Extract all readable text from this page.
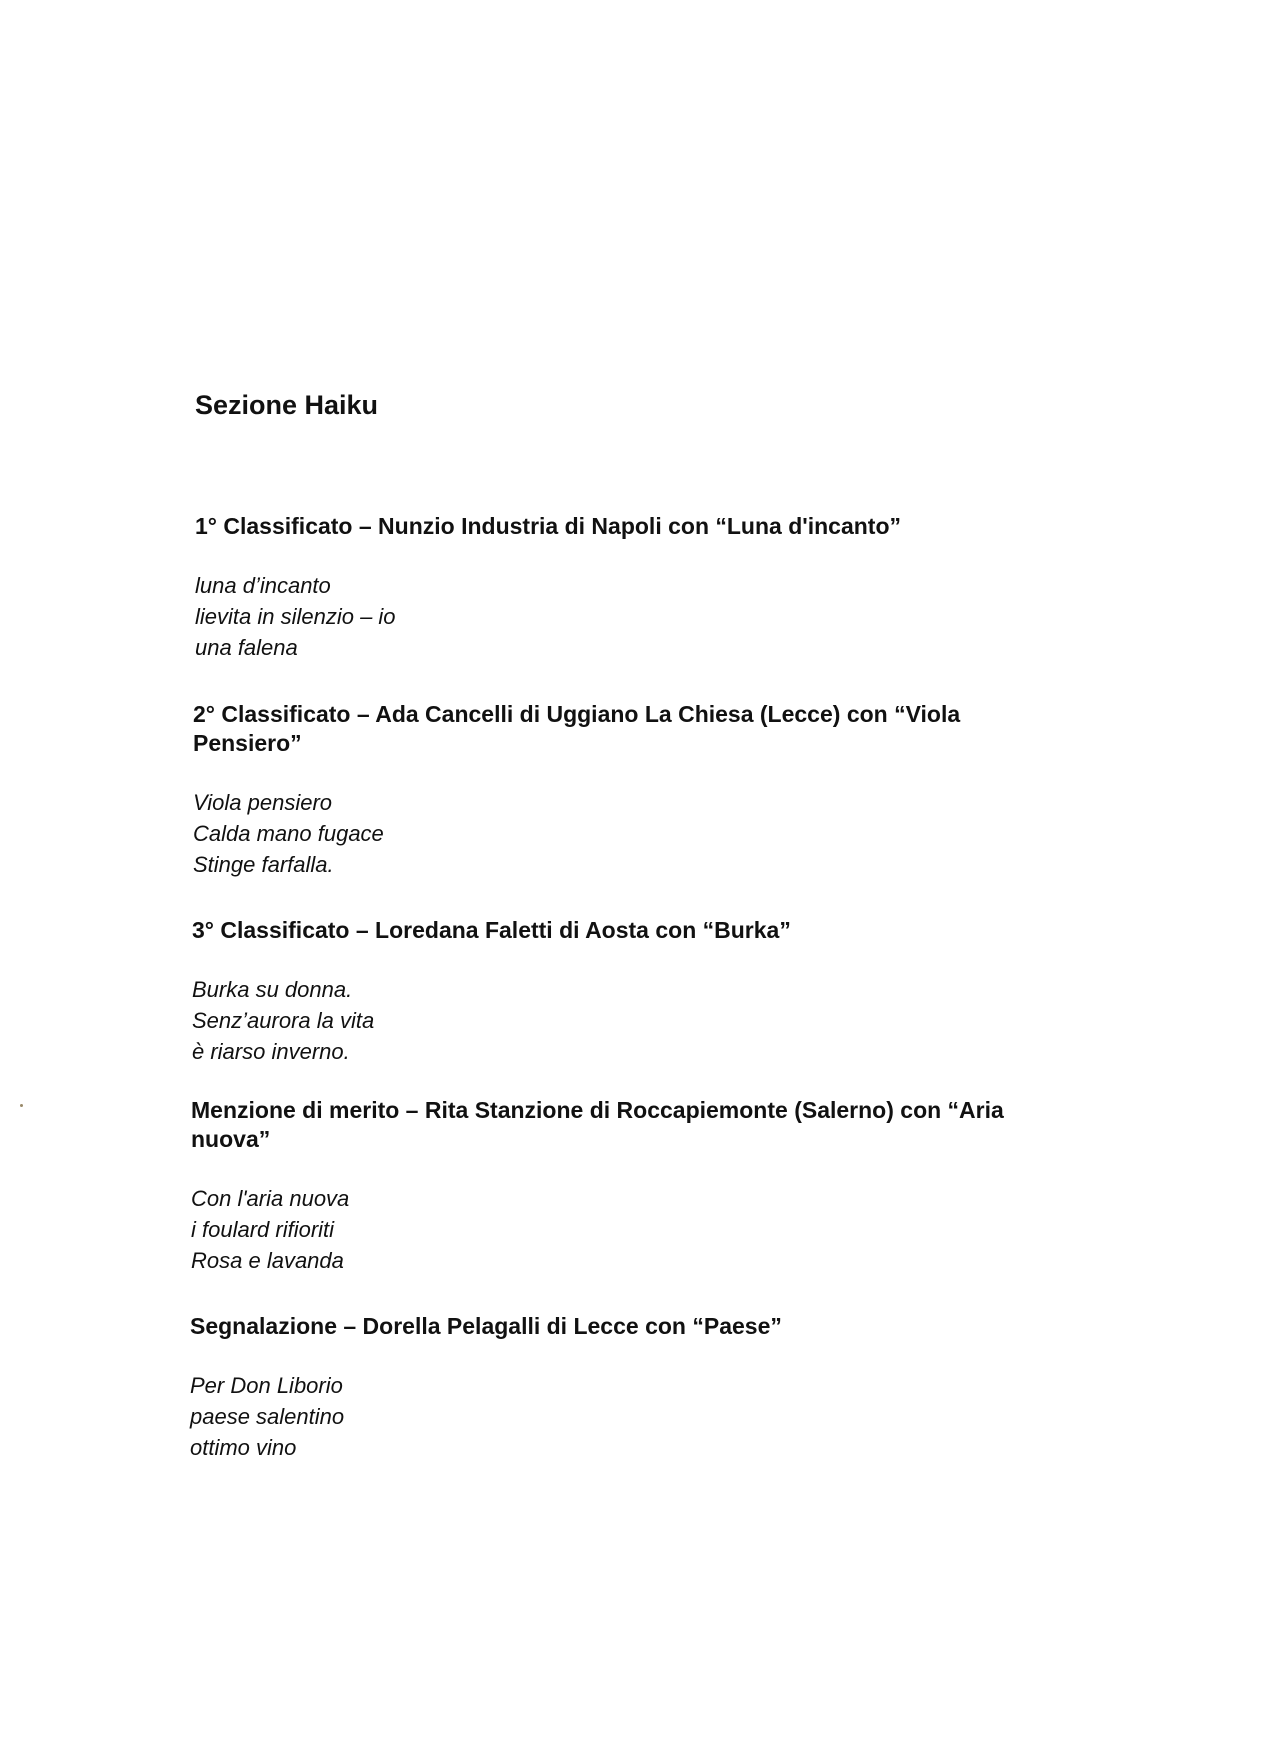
Sezione Haiku

1° Classificato – Nunzio Industria di Napoli con “Luna d'incanto”

luna d’incanto
lievita in silenzio – io
una falena

2° Classificato – Ada Cancelli di Uggiano La Chiesa (Lecce) con “Viola Pensiero”

Viola pensiero
Calda mano fugace
Stinge farfalla.

3° Classificato – Loredana Faletti di Aosta con “Burka”

Burka su donna.
Senz’aurora la vita
è riarso inverno.

Menzione di merito – Rita Stanzione di Roccapiemonte (Salerno) con “Aria nuova”

Con l'aria nuova
i foulard rifioriti
Rosa e lavanda

Segnalazione – Dorella Pelagalli di Lecce con “Paese”

Per Don Liborio
paese salentino
ottimo vino
